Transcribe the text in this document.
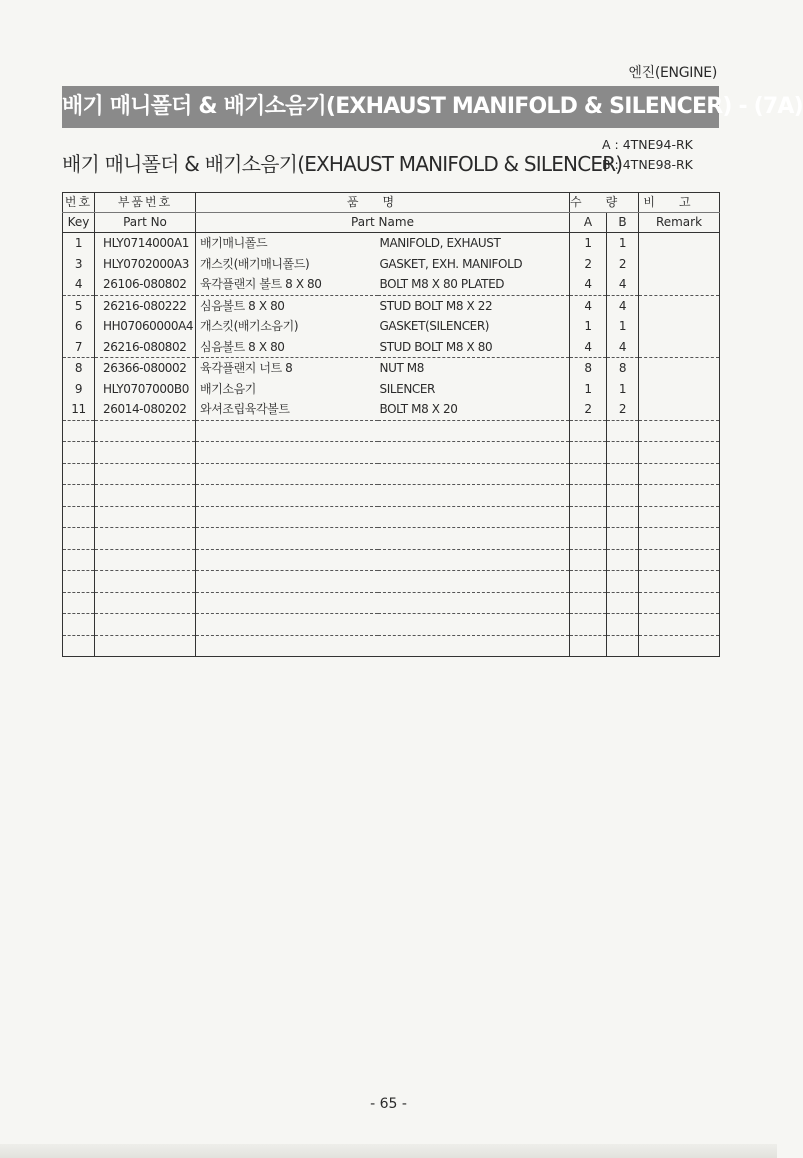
엔진(ENGINE)
배기 매니폴더 & 배기소음기(EXHAUST MANIFOLD & SILENCER) - (7A)
배기 매니폴더 & 배기소음기(EXHAUST MANIFOLD & SILENCER)
A : 4TNE94-RK
B : 4TNE98-RK
번호	부품번호	품명		수량		비고
Key	Part No	Part Name		A	B	Remark
1	HLY0714000A1	배기매니폴드	MANIFOLD, EXHAUST	1	1	
3	HLY0702000A3	개스킷(배기매니폴드)	GASKET, EXH. MANIFOLD	2	2	
4	26106-080802	육각플랜지 볼트 8 X 80	BOLT M8 X 80 PLATED	4	4	
5	26216-080222	심음볼트 8 X 80	STUD BOLT M8 X 22	4	4	
6	HH07060000A4	개스킷(배기소음기)	GASKET(SILENCER)	1	1	
7	26216-080802	심음볼트 8 X 80	STUD BOLT M8 X 80	4	4	
8	26366-080002	육각플랜지 너트 8	NUT M8	8	8	
9	HLY0707000B0	배기소음기	SILENCER	1	1	
11	26014-080202	와셔조립육각볼트	BOLT M8 X 20	2	2	

- 65 -
